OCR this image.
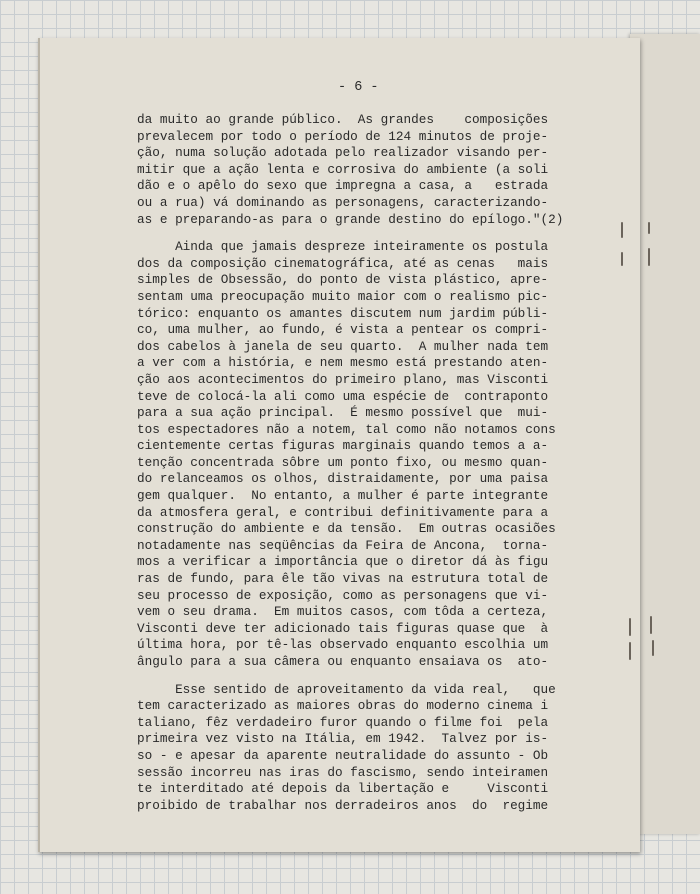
- 6 -
da muito ao grande público.  As grandes    composições
prevalecem por todo o período de 124 minutos de proje-
ção, numa solução adotada pelo realizador visando per-
mitir que a ação lenta e corrosiva do ambiente (a soli
dão e o apêlo do sexo que impregna a casa, a   estrada
ou a rua) vá dominando as personagens, caracterizando-
as e preparando-as para o grande destino do epílogo."(2)
Ainda que jamais despreze inteiramente os postula
dos da composição cinematográfica, até as cenas   mais
simples de Obsessão, do ponto de vista plástico, apre-
sentam uma preocupação muito maior com o realismo pic-
tórico: enquanto os amantes discutem num jardim públi-
co, uma mulher, ao fundo, é vista a pentear os compri-
dos cabelos à janela de seu quarto.  A mulher nada tem
a ver com a história, e nem mesmo está prestando aten-
ção aos acontecimentos do primeiro plano, mas Visconti
teve de colocá-la ali como uma espécie de  contraponto
para a sua ação principal.  É mesmo possível que  mui-
tos espectadores não a notem, tal como não notamos cons
cientemente certas figuras marginais quando temos a a-
tenção concentrada sôbre um ponto fixo, ou mesmo quan-
do relanceamos os olhos, distraidamente, por uma paisa
gem qualquer.  No entanto, a mulher é parte integrante
da atmosfera geral, e contribui definitivamente para a
construção do ambiente e da tensão.  Em outras ocasiões
notadamente nas seqüências da Feira de Ancona,  torna-
mos a verificar a importância que o diretor dá às figu
ras de fundo, para êle tão vivas na estrutura total de
seu processo de exposição, como as personagens que vi-
vem o seu drama.  Em muitos casos, com tôda a certeza,
Visconti deve ter adicionado tais figuras quase que  à
última hora, por tê-las observado enquanto escolhia um
ângulo para a sua câmera ou enquanto ensaiava os  ato-
Esse sentido de aproveitamento da vida real,   que
tem caracterizado as maiores obras do moderno cinema i
taliano, fêz verdadeiro furor quando o filme foi  pela
primeira vez visto na Itália, em 1942.  Talvez por is-
so - e apesar da aparente neutralidade do assunto - Ob
sessão incorreu nas iras do fascismo, sendo inteiramen
te interditado até depois da libertação e     Visconti
proibido de trabalhar nos derradeiros anos  do  regime
